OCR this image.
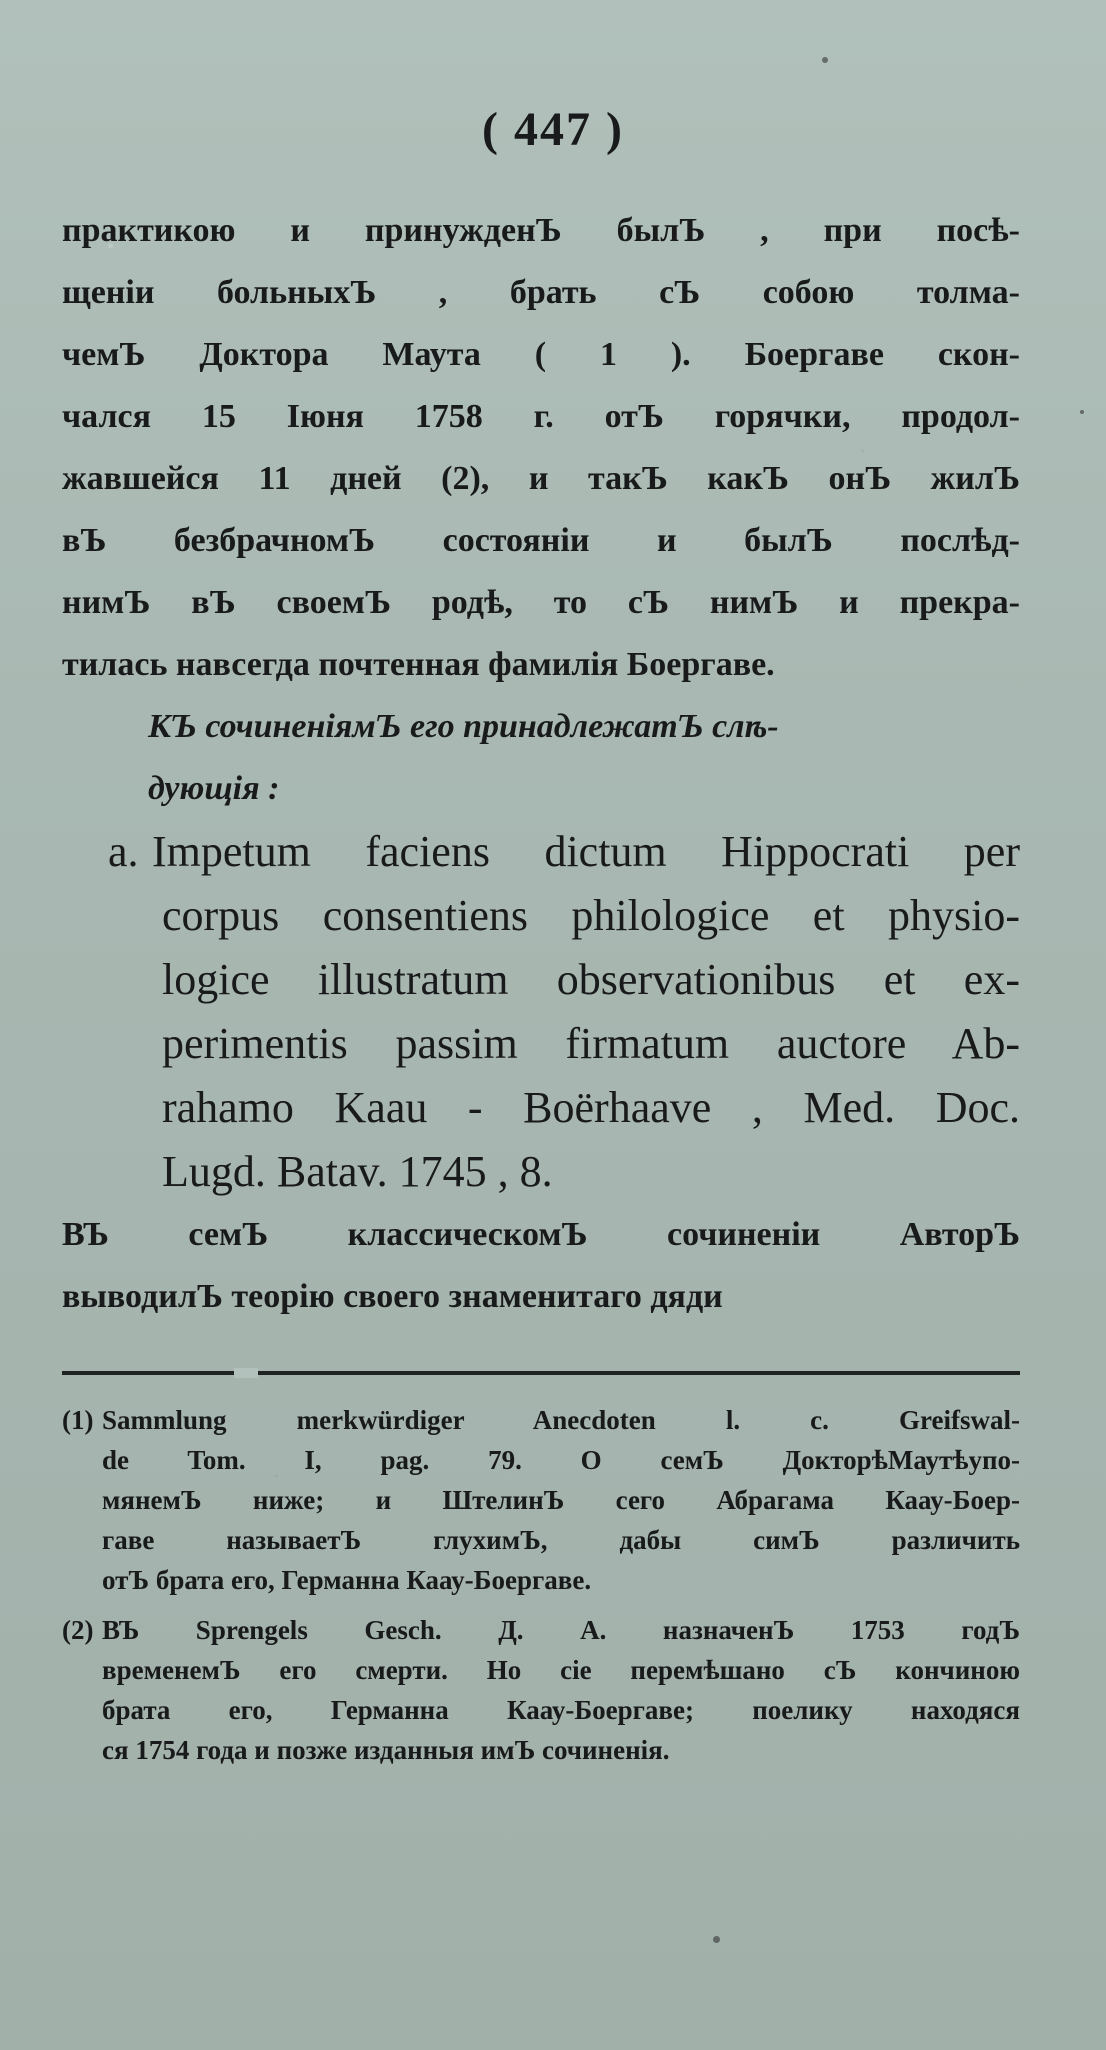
( 447 )
практикою и принужденЪ былЪ , при посѣ-
щеніи больныхЪ , брать сЪ собою толма-
чемЪ Доктора Маута ( 1 ). Боергаве скон-
чался 15 Іюня 1758 г. отЪ горячки, продол-
жавшейся 11 дней (2), и такЪ какЪ онЪ жилЪ
вЪ безбрачномЪ состояніи и былЪ послѣд-
нимЪ вЪ своемЪ родѣ, то сЪ нимЪ и прекра-
тилась навсегда почтенная фамилія Боергаве.
КЪ сочиненіямЪ его принадлежатЪ слѣ-
дующія :
a. Impetum faciens dictum Hippocrati per
corpus consentiens philologice et physio-
logice illustratum observationibus et ex-
perimentis passim firmatum auctore Ab-
rahamo Kaau - Boërhaave , Med. Doc.
Lugd. Batav. 1745 , 8.
ВЪ семЪ классическомЪ сочиненіи АвторЪ
выводилЪ теорію своего знаменитаго дяди
(1) Sammlung merkwürdiger Anecdoten l. c. Greifswal-
de Tom. I, pag. 79. О семЪ ДокторѣМаутѣупо-
мянемЪ ниже; и ШтелинЪ сего Абрагама Каау-Боер-
гаве называетЪ глухимЪ, дабы симЪ различить
отЪ брата его, Германна Каау-Боергаве.
(2) ВЪ Sprengels Gesch. Д. А. назначенЪ 1753 годЪ
временемЪ его смерти. Но сіе перемѣшано сЪ кончиною
брата его, Германна Каау-Боергаве; поелику находяся
ся 1754 года и позже изданныя имЪ сочиненія.
